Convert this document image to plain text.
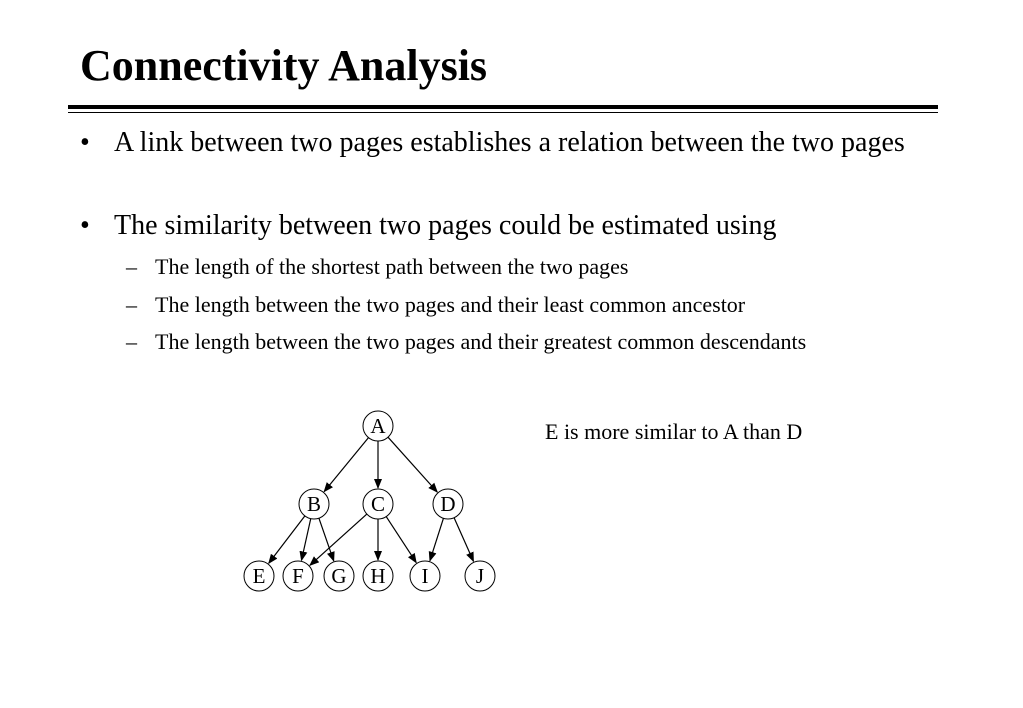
Connectivity Analysis
• A link between two pages establishes a relation between the two pages
• The similarity between two pages could be estimated using
– The length of the shortest path between the two pages
– The length between the two pages and their least common ancestor
– The length between the two pages and their greatest common descendants
A
B C	D
E F G H I J
E is more similar to A than D
